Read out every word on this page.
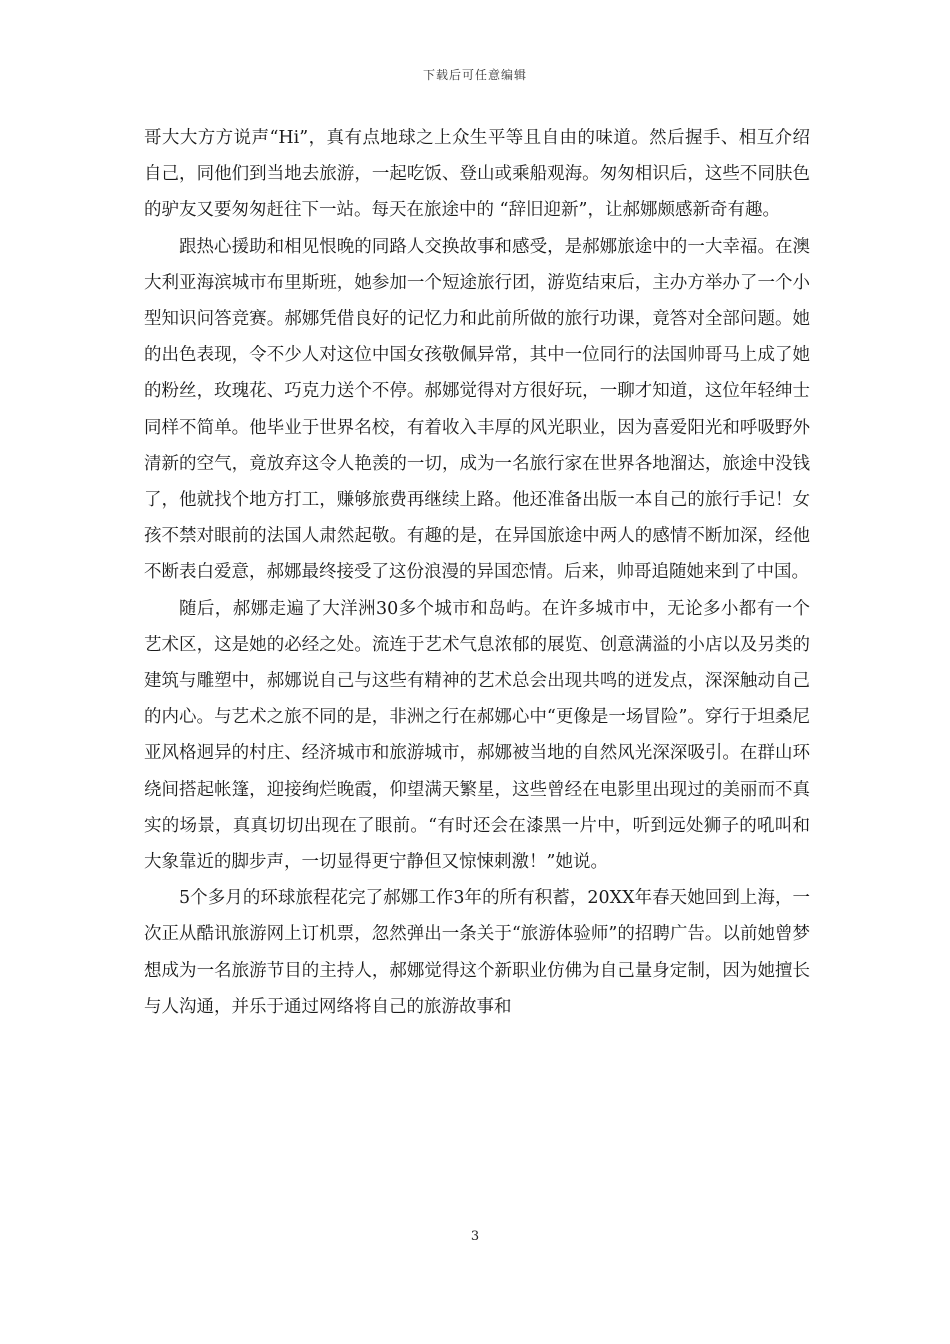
下载后可任意编辑

哥大大方方说声“Hi”，真有点地球之上众生平等且自由的味道。然后握手、相互介绍自己，同他们到当地去旅游，一起吃饭、登山或乘船观海。匆匆相识后，这些不同肤色的驴友又要匆匆赶往下一站。每天在旅途中的 “辞旧迎新”，让郝娜颇感新奇有趣。

跟热心援助和相见恨晚的同路人交换故事和感受，是郝娜旅途中的一大幸福。在澳大利亚海滨城市布里斯班，她参加一个短途旅行团，游览结束后，主办方举办了一个小型知识问答竞赛。郝娜凭借良好的记忆力和此前所做的旅行功课，竟答对全部问题。她的出色表现，令不少人对这位中国女孩敬佩异常，其中一位同行的法国帅哥马上成了她的粉丝，玫瑰花、巧克力送个不停。郝娜觉得对方很好玩，一聊才知道，这位年轻绅士同样不简单。他毕业于世界名校，有着收入丰厚的风光职业，因为喜爱阳光和呼吸野外清新的空气，竟放弃这令人艳羡的一切，成为一名旅行家在世界各地溜达，旅途中没钱了，他就找个地方打工，赚够旅费再继续上路。他还准备出版一本自己的旅行手记！女孩不禁对眼前的法国人肃然起敬。有趣的是，在异国旅途中两人的感情不断加深，经他不断表白爱意，郝娜最终接受了这份浪漫的异国恋情。后来，帅哥追随她来到了中国。

随后，郝娜走遍了大洋洲30多个城市和岛屿。在许多城市中，无论多小都有一个艺术区，这是她的必经之处。流连于艺术气息浓郁的展览、创意满溢的小店以及另类的建筑与雕塑中，郝娜说自己与这些有精神的艺术总会出现共鸣的迸发点，深深触动自己的内心。与艺术之旅不同的是，非洲之行在郝娜心中“更像是一场冒险”。穿行于坦桑尼亚风格迥异的村庄、经济城市和旅游城市，郝娜被当地的自然风光深深吸引。在群山环绕间搭起帐篷，迎接绚烂晚霞，仰望满天繁星，这些曾经在电影里出现过的美丽而不真实的场景，真真切切出现在了眼前。“有时还会在漆黑一片中，听到远处狮子的吼叫和大象靠近的脚步声，一切显得更宁静但又惊悚刺激！”她说。

5个多月的环球旅程花完了郝娜工作3年的所有积蓄，20XX年春天她回到上海，一次正从酷讯旅游网上订机票，忽然弹出一条关于“旅游体验师”的招聘广告。以前她曾梦想成为一名旅游节目的主持人，郝娜觉得这个新职业仿佛为自己量身定制，因为她擅长与人沟通，并乐于通过网络将自己的旅游故事和

3
